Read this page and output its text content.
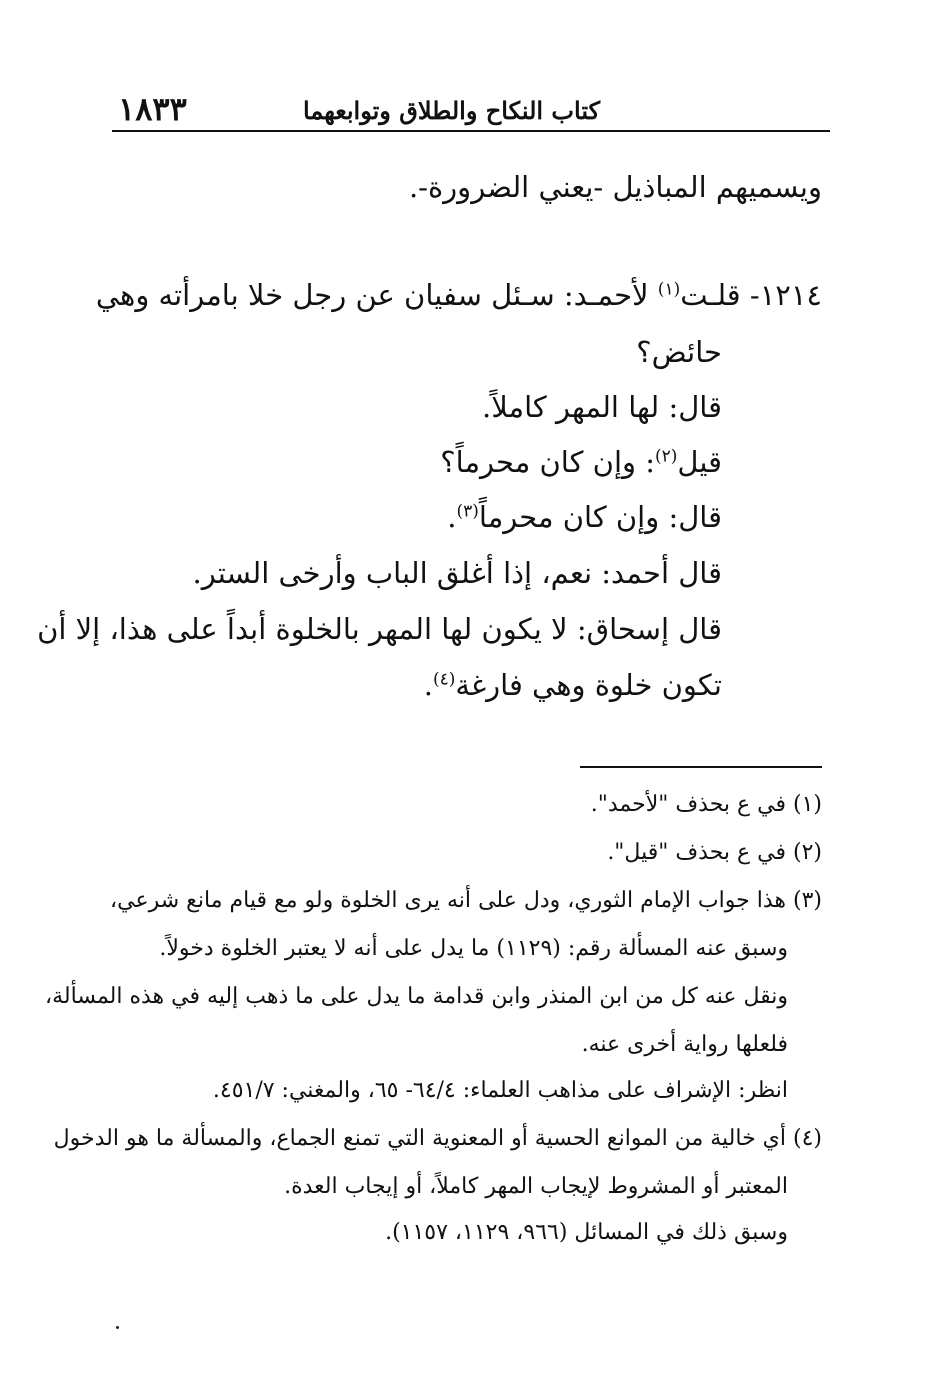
كتاب النكاح والطلاق وتوابعهما
١٨٣٣
ويسميهم المباذيل -يعني الضرورة-.
١٢١٤- قلـت$^{(١)}$ لأحمـد: سـئل سفيان عن رجل خلا بامرأته وهي
حائض؟
قال: لها المهر كاملاً.
قيل$^{(٢)}$: وإن كان محرماً؟
قال: وإن كان محرماً$^{(٣)}$.
قال أحمد: نعم، إذا أغلق الباب وأرخى الستر.
قال إسحاق: لا يكون لها المهر بالخلوة أبداً على هذا، إلا أن
تكون خلوة وهي فارغة$^{(٤)}$.
(١) في ع بحذف "لأحمد".
(٢) في ع بحذف "قيل".
(٣) هذا جواب الإمام الثوري، ودل على أنه يرى الخلوة ولو مع قيام مانع شرعي،
وسبق عنه المسألة رقم: (١١٢٩) ما يدل على أنه لا يعتبر الخلوة دخولاً.
ونقل عنه كل من ابن المنذر وابن قدامة ما يدل على ما ذهب إليه في هذه المسألة،
فلعلها رواية أخرى عنه.
انظر: الإشراف على مذاهب العلماء: ٦٤/٤- ٦٥، والمغني: ٤٥١/٧.
(٤) أي خالية من الموانع الحسية أو المعنوية التي تمنع الجماع، والمسألة ما هو الدخول
المعتبر أو المشروط لإيجاب المهر كاملاً، أو إيجاب العدة.
وسبق ذلك في المسائل (٩٦٦، ١١٢٩، ١١٥٧).
